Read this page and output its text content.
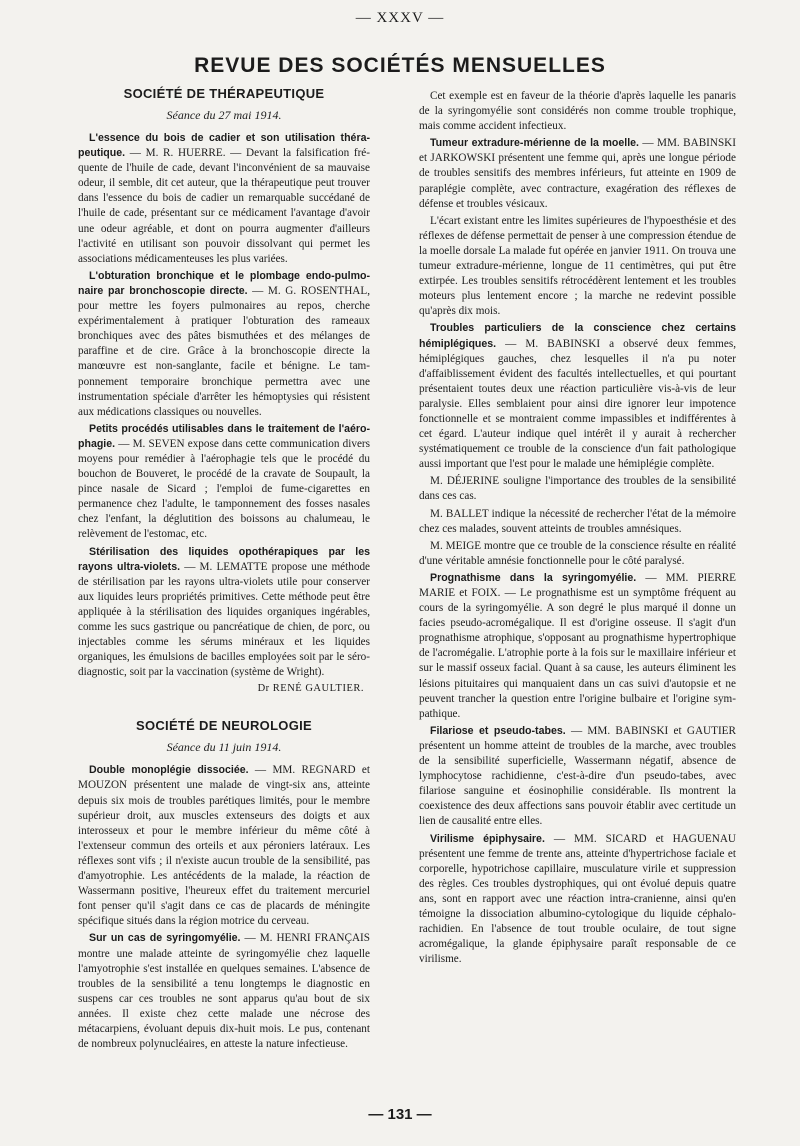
— XXXV —
REVUE DES SOCIÉTÉS MENSUELLES
SOCIÉTÉ DE THÉRAPEUTIQUE
Séance du 27 mai 1914.

L'essence du bois de cadier et son utilisation thérapeutique. — M. R. HUERRE. — Devant la falsification fréquente de l'huile de cade, devant l'inconvénient de sa mauvaise odeur, il semble, dit cet auteur, que la thérapeutique peut trouver dans l'essence du bois de cadier un remarquable succédané de l'huile de cade, présentant sur ce médicament l'avantage d'avoir une odeur agréable, et dont on pourra augmenter d'ailleurs l'activité en utilisant son pouvoir dissolvant qui permet les associations médicamenteuses les plus variées.

L'obturation bronchique et le plombage endo-pulmonaire par bronchoscopie directe. — M. G. ROSENTHAL, pour mettre les foyers pulmonaires au repos, cherche expérimentalement à pratiquer l'obturation des rameaux bronchiques avec des pâtes bismuthées et des mélanges de paraffine et de cire. Grâce à la bronchoscopie directe la manœuvre est non-sanglante, facile et bénigne. Le tamponnement temporaire bronchique permettra avec une instrumentation spéciale d'arrêter les hémoptysies qui résistent aux médications classiques ou nouvelles.

Petits procédés utilisables dans le traitement de l'aérophagie. — M. SEVEN expose dans cette communication divers moyens pour remédier à l'aérophagie tels que le procédé du bouchon de Bouveret, le procédé de la cravate de Soupault, la pince nasale de Sicard ; l'emploi de fume-cigarettes en permanence chez l'adulte, le tamponnement des fosses nasales chez l'enfant, la déglutition des boissons au chalumeau, le relèvement de l'estomac, etc.

Stérilisation des liquides opothérapiques par les rayons ultra-violets. — M. LEMATTE propose une méthode de stérilisation par les rayons ultra-violets utile pour conserver aux liquides leurs propriétés primitives. Cette méthode peut être appliquée à la stérilisation des liquides organiques ingérables, comme les sucs gastrique ou pancréatique de chien, de porc, ou injectables comme les sérums minéraux et les liquides organiques, les émulsions de bacilles employées soit par le séro-diagnostic, soit par la vaccination (système de Wright).

Dr RENÉ GAULTIER.
SOCIÉTÉ DE NEUROLOGIE
Séance du 11 juin 1914.

Double monoplégie dissociée. — MM. REGNARD et MOUZON présentent une malade de vingt-six ans, atteinte depuis six mois de troubles parétiques limités, pour le membre supérieur droit, aux muscles extenseurs des doigts et aux interosseux et pour le membre inférieur du même côté à l'extenseur commun des orteils et aux péroniers latéraux. Les réflexes sont vifs ; il n'existe aucun trouble de la sensibilité, pas d'amyotrophie. Les antécédents de la malade, la réaction de Wassermann positive, l'heureux effet du traitement mercuriel font penser qu'il s'agit dans ce cas de placards de méningite spécifique situés dans la région motrice du cerveau.

Sur un cas de syringomyélie. — M. HENRI FRANÇAIS montre une malade atteinte de syringomyélie chez laquelle l'amyotrophie s'est installée en quelques semaines. L'absence de troubles de la sensibilité a tenu longtemps le diagnostic en suspens car ces troubles ne sont apparus qu'au bout de six années. Il existe chez cette malade une nécrose des métacarpiens, évoluant depuis dix-huit mois. Le pus, contenant de nombreux polynucléaires, en atteste la nature infectieuse.

Cet exemple est en faveur de la théorie d'après laquelle les panaris de la syringomyélie sont considérés non comme trouble trophique, mais comme accident infectieux.

Tumeur extradure-mérienne de la moelle. — MM. BABINSKI et JARKOWSKI présentent une femme qui, après une longue période de troubles sensitifs des membres inférieurs, fut atteinte en 1909 de paraplégie complète, avec contracture, exagération des réflexes de défense et troubles vésicaux.

L'écart existant entre les limites supérieures de l'hypoesthésie et des réflexes de défense permettait de penser à une compression étendue de la moelle dorsale La malade fut opérée en janvier 1911. On trouva une tumeur extradure-mérienne, longue de 11 centimètres, qui put être extirpée. Les troubles sensitifs rétrocédèrent lentement et les troubles moteurs plus lentement encore ; la marche ne redevint possible qu'après dix mois.

Troubles particuliers de la conscience chez certains hémiplégiques. — M. BABINSKI a observé deux femmes, hémiplégiques gauches, chez lesquelles il n'a pu noter d'affaiblissement évident des facultés intellectuelles, et qui pourtant présentaient toutes deux une réaction particulière vis-à-vis de leur paralysie. Elles semblaient pour ainsi dire ignorer leur impotence fonctionnelle et se montraient comme impassibles et indifférentes à cet égard. L'auteur indique quel intérêt il y aurait à rechercher systématiquement ce trouble de la conscience d'un fait pathologique aussi important que l'est pour le malade une hémiplégie complète.

M. DÉJERINE souligne l'importance des troubles de la sensibilité dans ces cas.

M. BALLET indique la nécessité de rechercher l'état de la mémoire chez ces malades, souvent atteints de troubles amnésiques.

M. MEIGE montre que ce trouble de la conscience résulte en réalité d'une véritable amnésie fonctionnelle pour le côté paralysé.

Prognathisme dans la syringomyélie. — MM. PIERRE MARIE et FOIX. — Le prognathisme est un symptôme fréquent au cours de la syringomyélie. A son degré le plus marqué il donne un facies pseudo-acromégalique. Il est d'origine osseuse. Il s'agit d'un prognathisme atrophique, s'opposant au prognathisme hypertrophique de l'acromégalie. L'atrophie porte à la fois sur le maxillaire inférieur et sur le massif osseux facial. Quant à sa cause, les auteurs éliminent les lésions pituitaires qui manquaient dans un cas suivi d'autopsie et ne peuvent trancher la question entre l'origine bulbaire et l'origine sympathique.

Filariose et pseudo-tabes. — MM. BABINSKI et GAUTIER présentent un homme atteint de troubles de la marche, avec troubles de la sensibilité superficielle, Wassermann négatif, absence de lymphocytose rachidienne, c'est-à-dire d'un pseudo-tabes, avec filariose sanguine et éosinophilie considérable. Ils montrent la coexistence des deux affections sans pouvoir établir avec certitude un lien de causalité entre elles.

Virilisme épiphysaire. — MM. SICARD et HAGUENAU présentent une femme de trente ans, atteinte d'hypertrichose faciale et corporelle, hypotrichose capillaire, musculature virile et suppression des règles. Ces troubles dystrophiques, qui ont évolué depuis quatre ans, sont en rapport avec une réaction intra-cranienne, ainsi qu'en témoigne la dissociation albumino-cytologique du liquide céphalo-rachidien. En l'absence de tout trouble oculaire, de tout signe acromégalique, la glande épiphysaire paraît responsable de ce virilisme.

— 131 —
